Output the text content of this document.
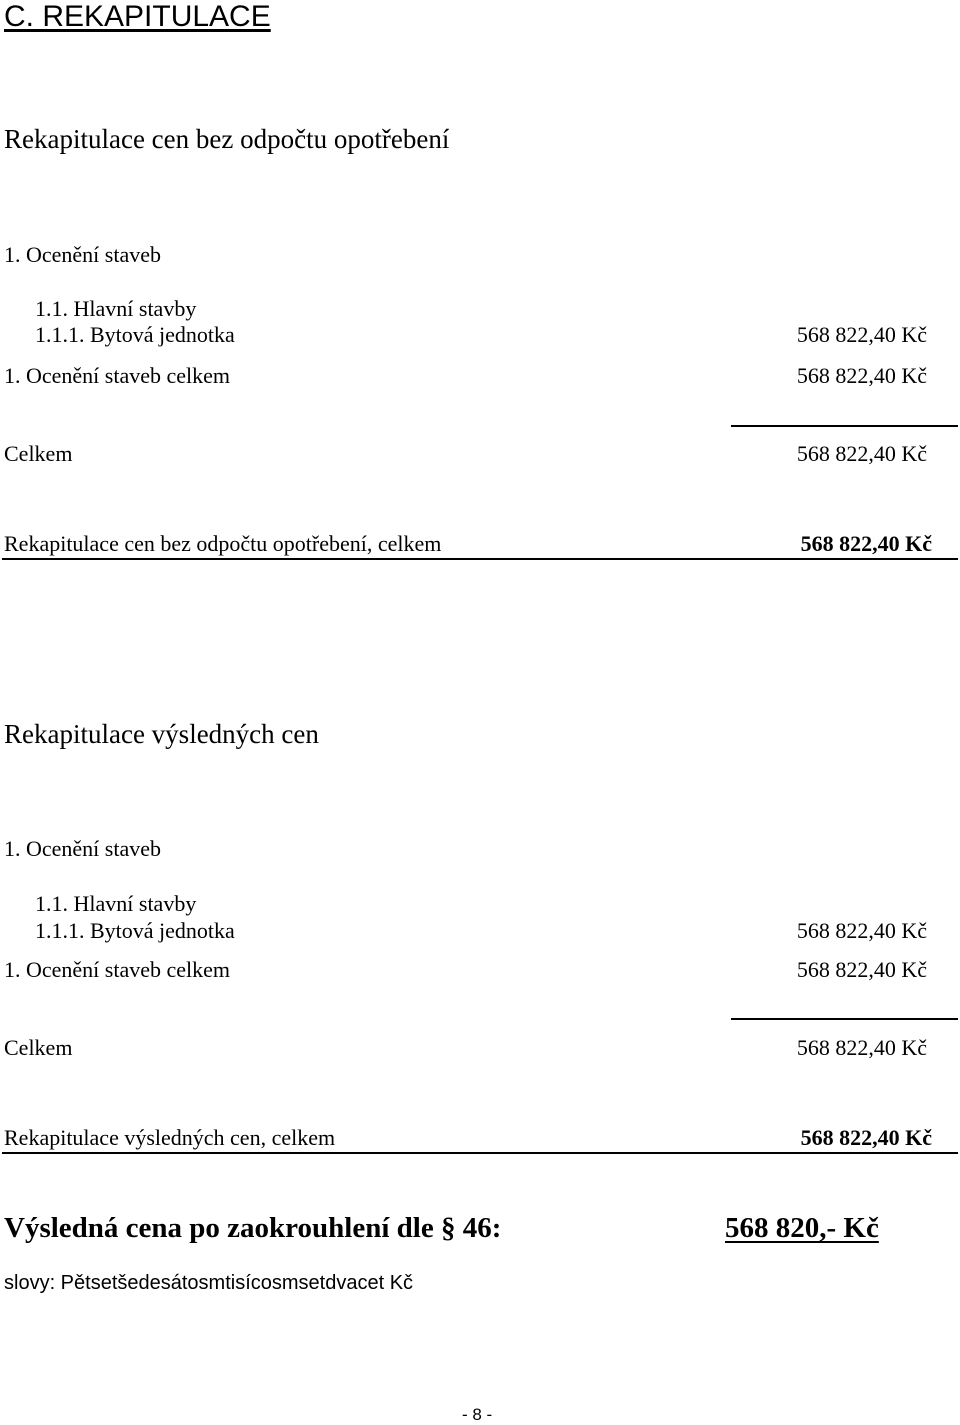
C. REKAPITULACE
Rekapitulace cen bez odpočtu opotřebení
1. Ocenění staveb
1.1. Hlavní stavby
1.1.1. Bytová jednotka	568 822,40 Kč
1. Ocenění staveb celkem	568 822,40 Kč
Celkem	568 822,40 Kč
Rekapitulace cen bez odpočtu opotřebení, celkem	568 822,40 Kč
Rekapitulace výsledných cen
1. Ocenění staveb
1.1. Hlavní stavby
1.1.1. Bytová jednotka	568 822,40 Kč
1. Ocenění staveb celkem	568 822,40 Kč
Celkem	568 822,40 Kč
Rekapitulace výsledných cen, celkem	568 822,40 Kč
Výsledná cena po zaokrouhlení dle § 46:	568 820,- Kč
slovy: Pětsetšedesátosmtisícosmsetdvacet Kč
- 8 -
